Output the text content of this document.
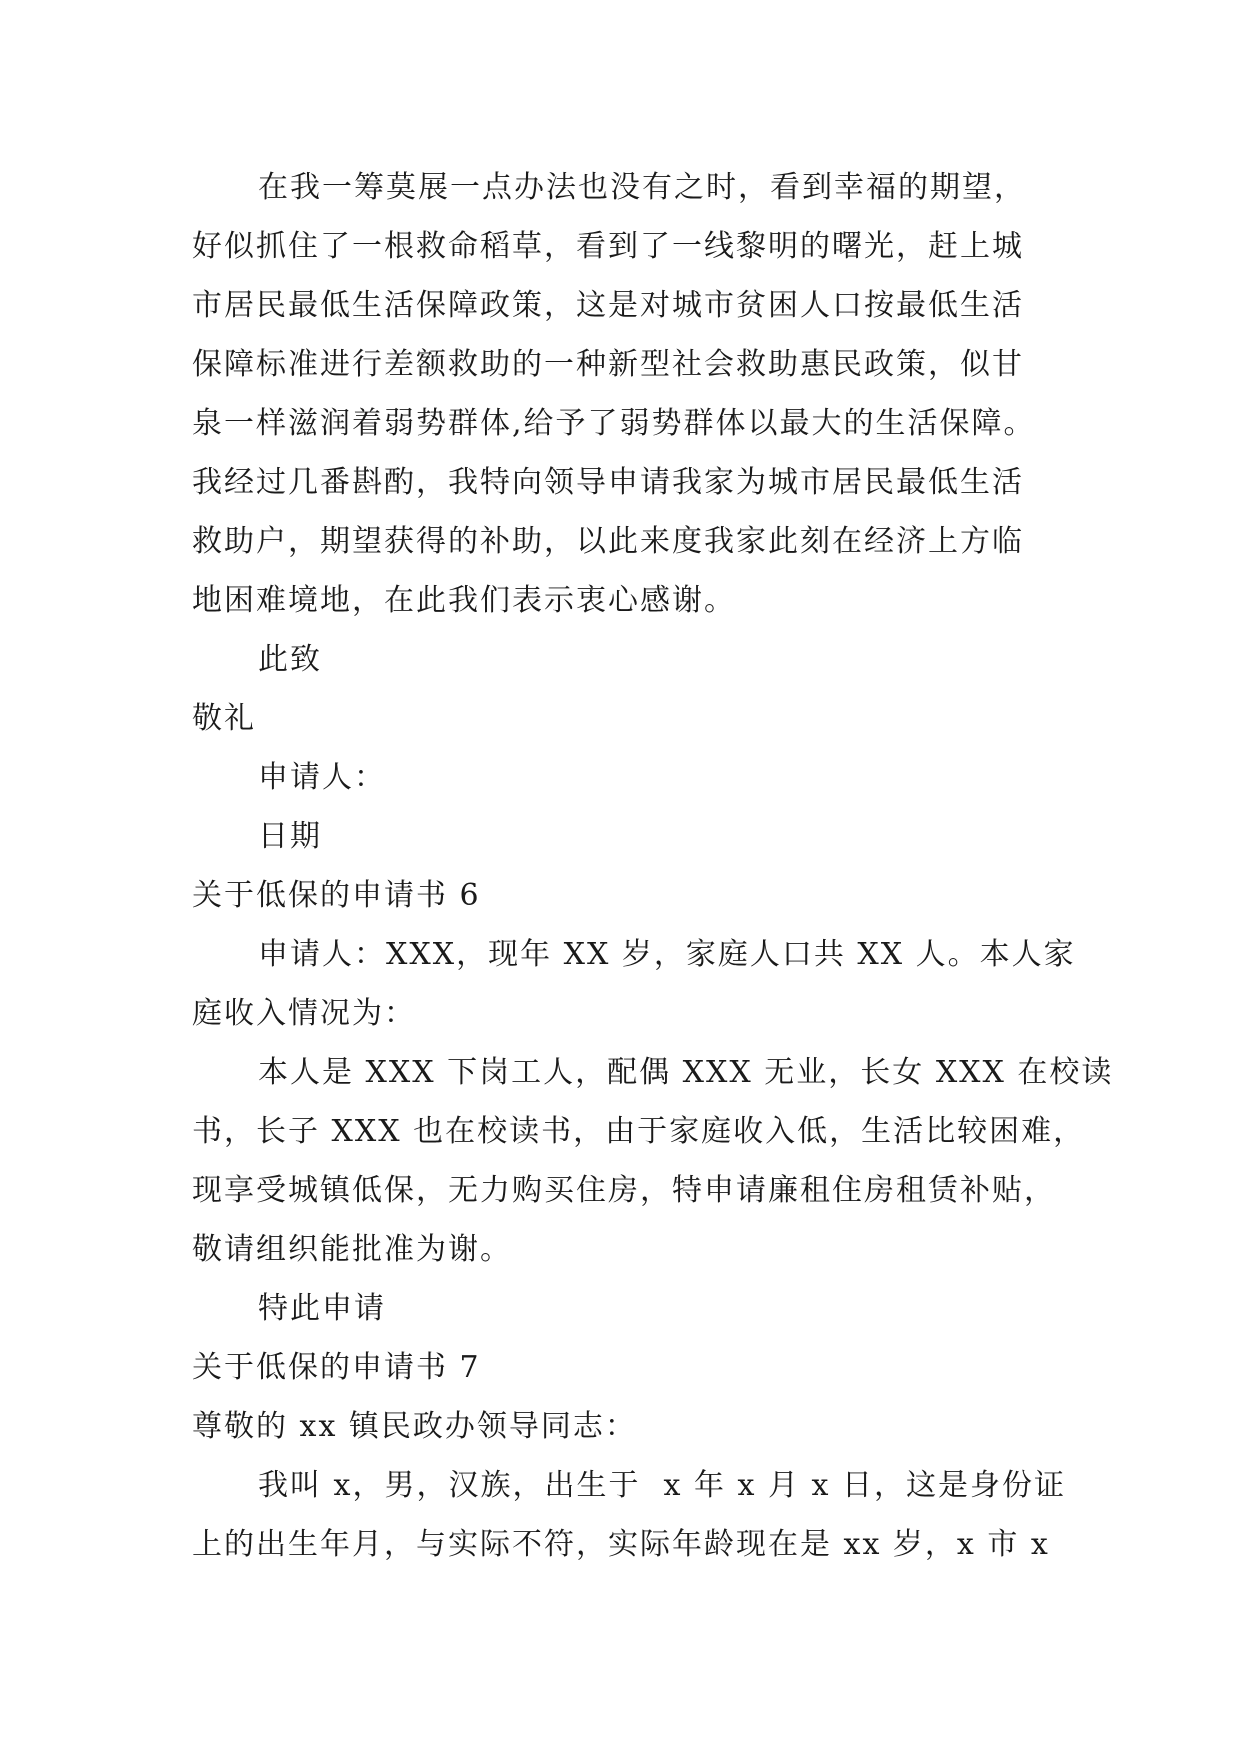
在我一筹莫展一点办法也没有之时，看到幸福的期望，
好似抓住了一根救命稻草，看到了一线黎明的曙光，赶上城
市居民最低生活保障政策，这是对城市贫困人口按最低生活
保障标准进行差额救助的一种新型社会救助惠民政策，似甘
泉一样滋润着弱势群体,给予了弱势群体以最大的生活保障。
我经过几番斟酌，我特向领导申请我家为城市居民最低生活
救助户，期望获得的补助，以此来度我家此刻在经济上方临
地困难境地，在此我们表示衷心感谢。
此致
敬礼
申请人：
日期
关于低保的申请书 6
申请人：XXX，现年 XX 岁，家庭人口共 XX 人。本人家
庭收入情况为：
本人是 XXX 下岗工人，配偶 XXX 无业，长女 XXX 在校读
书，长子 XXX 也在校读书，由于家庭收入低，生活比较困难，
现享受城镇低保，无力购买住房，特申请廉租住房租赁补贴，
敬请组织能批准为谢。
特此申请
关于低保的申请书 7
尊敬的 xx 镇民政办领导同志：
我叫 x，男，汉族，出生于  x 年 x 月 x 日，这是身份证
上的出生年月，与实际不符，实际年龄现在是 xx 岁，x 市 x
